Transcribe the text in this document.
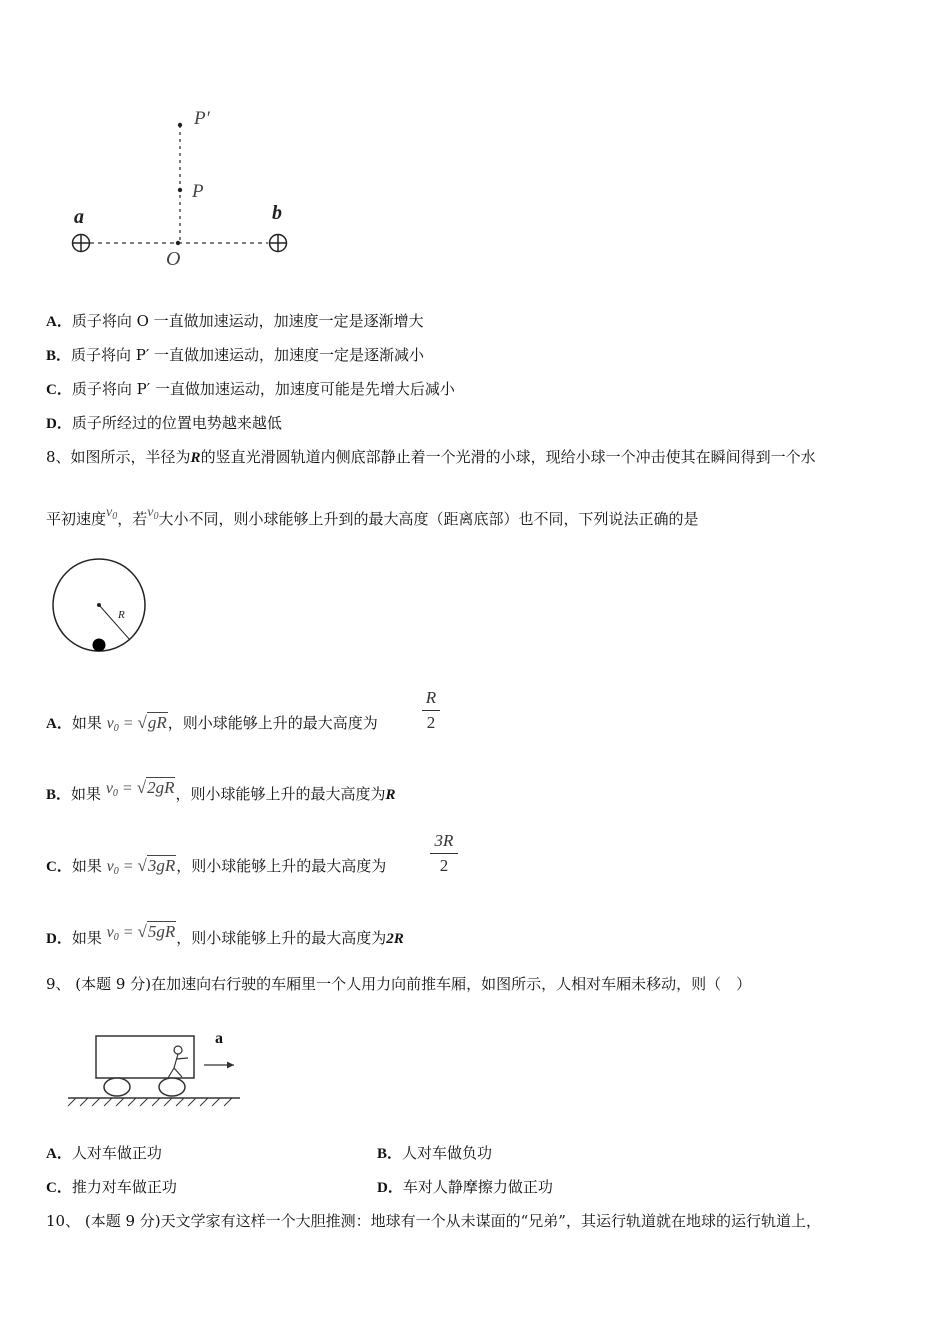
P′
P
a	b
O
A．质子将向 O 一直做加速运动，加速度一定是逐渐增大
B．质子将向 P′ 一直做加速运动，加速度一定是逐渐减小
C．质子将向 P′ 一直做加速运动，加速度可能是先增大后减小
D．质子所经过的位置电势越来越低
8、如图所示，半径为R的竖直光滑圆轨道内侧底部静止着一个光滑的小球，现给小球一个冲击使其在瞬间得到一个水
平初速度$v_0$，若$v_0$大小不同，则小球能够上升到的最大高度（距离底部）也不同，下列说法正确的是
R
A．如果 $v_0 = √gR$，则小球能够上升的最大高度为
R
2
B．如果 $v_0 = √2gR$，则小球能够上升的最大高度为R
C．如果 $v_0 = √3gR$，则小球能够上升的最大高度为
3R
2
D．如果 $v_0 = √5gR$，则小球能够上升的最大高度为2R
9、 (本题 9 分)在加速向右行驶的车厢里一个人用力向前推车厢，如图所示，人相对车厢未移动，则（　）
a
A．人对车做正功	B．人对车做负功
C．推力对车做正功	D．车对人静摩擦力做正功
10、 (本题 9 分)天文学家有这样一个大胆推测：地球有一个从未谋面的“兄弟”，其运行轨道就在地球的运行轨道上，
